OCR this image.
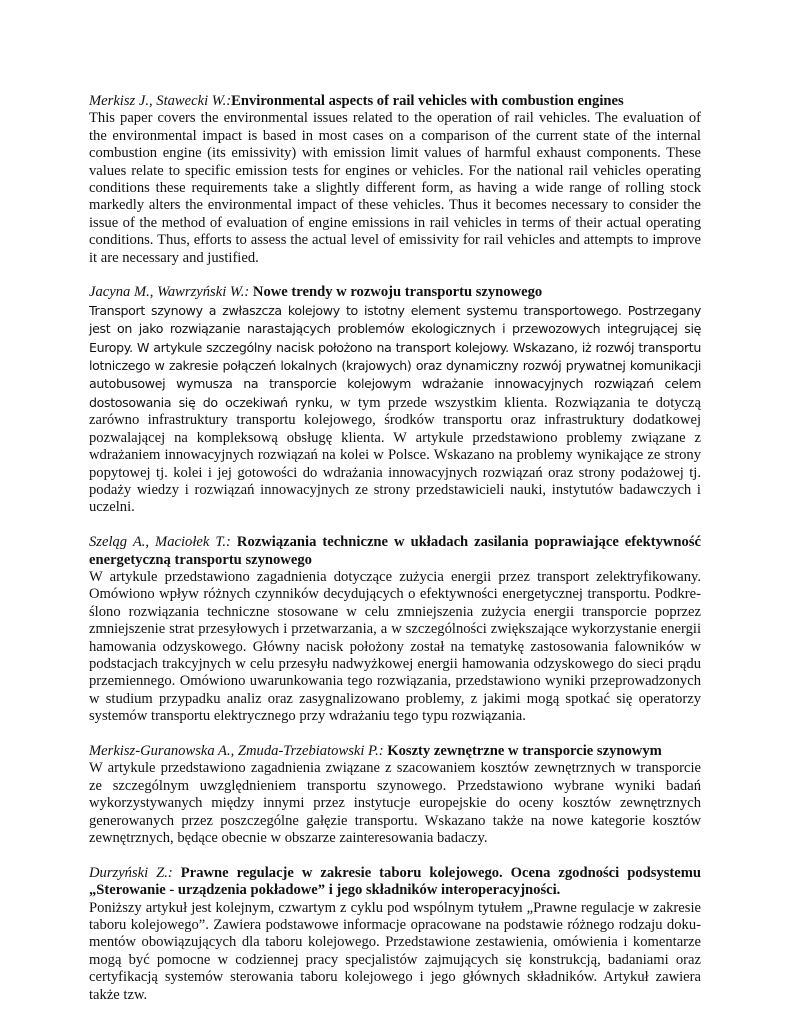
Merkisz J., Stawecki W.:Environmental aspects of rail vehicles with combustion engines

This paper covers the environmental issues related to the operation of rail vehicles. The evaluation of the environmental impact is based in most cases on a comparison of the current state of the internal combustion engine (its emissivity) with emission limit values of harmful exhaust components. These values relate to specific emission tests for engines or vehicles. For the national rail vehicles operating conditions these requirements take a slightly different form, as having a wide range of rolling stock markedly alters the environmental impact of these vehicles. Thus it becomes necessary to consider the issue of the method of evaluation of engine emissions in rail vehicles in terms of their actual operating conditions. Thus, efforts to assess the actual level of emissivity for rail vehicles and attempts to improve it are necessary and justified.

Jacyna M., Wawrzyński W.: Nowe trendy w rozwoju transportu szynowego

Transport szynowy a zwłaszcza kolejowy to istotny element systemu transportowego. Postrzegany jest on jako rozwiązanie narastających problemów ekologicznych i przewozowych integrującej się Europy. W artykule szczególny nacisk położono na transport kolejowy. Wskazano, iż rozwój transportu lotniczego w zakresie połączeń lokalnych (krajowych) oraz dynamiczny rozwój prywatnej komunikacji autobusowej wymusza na transporcie kolejowym wdrażanie innowacyjnych rozwiązań celem dostosowania się do oczekiwań rynku, w tym przede wszystkim klienta. Rozwiązania te dotyczą zarówno infrastruktury transportu kolejowego, środków transportu oraz infrastruktury dodatkowej pozwalającej na kompleksową obsługę klienta. W artykule przedstawiono problemy związane z wdrażaniem innowacyjnych rozwiązań na kolei w Polsce. Wskazano na problemy wynikające ze strony popytowej tj. kolei i jej gotowości do wdrażania innowacyjnych rozwiązań oraz strony podażowej tj. podaży wiedzy i rozwiązań innowacyjnych ze strony przedstawicieli nauki, instytutów badawczych i uczelni.

Szeląg A., Maciołek T.: Rozwiązania techniczne w układach zasilania poprawiające efektywność energetyczną transportu szynowego

W artykule przedstawiono zagadnienia dotyczące zużycia energii przez transport zelektryfikowany. Omówiono wpływ różnych czynników decydujących o efektywności energetycznej transportu. Podkreślono rozwiązania techniczne stosowane w celu zmniejszenia zużycia energii transporcie poprzez zmniejszenie strat przesyłowych i przetwarzania, a w szczególności zwiększające wykorzystanie energii hamowania odzyskowego. Główny nacisk położony został na tematykę zastosowania falowników w podstacjach trakcyjnych w celu przesyłu nadwyżkowej energii hamowania odzyskowego do sieci prądu przemiennego. Omówiono uwarunkowania tego rozwiązania, przedstawiono wyniki przeprowadzonych w studium przypadku analiz oraz zasygnalizowano problemy, z jakimi mogą spotkać się operatorzy systemów transportu elektrycznego przy wdrażaniu tego typu rozwiązania.

Merkisz-Guranowska A., Zmuda-Trzebiatowski P.: Koszty zewnętrzne w transporcie szynowym

W artykule przedstawiono zagadnienia związane z szacowaniem kosztów zewnętrznych w transporcie ze szczególnym uwzględnieniem transportu szynowego. Przedstawiono wybrane wyniki badań wykorzystywanych między innymi przez instytucje europejskie do oceny kosztów zewnętrznych generowanych przez poszczególne gałęzie transportu. Wskazano także na nowe kategorie kosztów zewnętrznych, będące obecnie w obszarze zainteresowania badaczy.

Durzyński Z.: Prawne regulacje w zakresie taboru kolejowego. Ocena zgodności podsystemu „Sterowanie ‑ urządzenia pokładowe” i jego składników interoperacyjności.

Poniższy artykuł jest kolejnym, czwartym z cyklu pod wspólnym tytułem „Prawne regulacje w zakresie taboru kolejowego”. Zawiera podstawowe informacje opracowane na podstawie różnego rodzaju dokumentów obowiązujących dla taboru kolejowego. Przedstawione zestawienia, omówienia i komentarze mogą być pomocne w codziennej pracy specjalistów zajmujących się konstrukcją, badaniami oraz certyfikacją systemów sterowania taboru kolejowego i jego głównych składników. Artykuł zawiera także tzw.
